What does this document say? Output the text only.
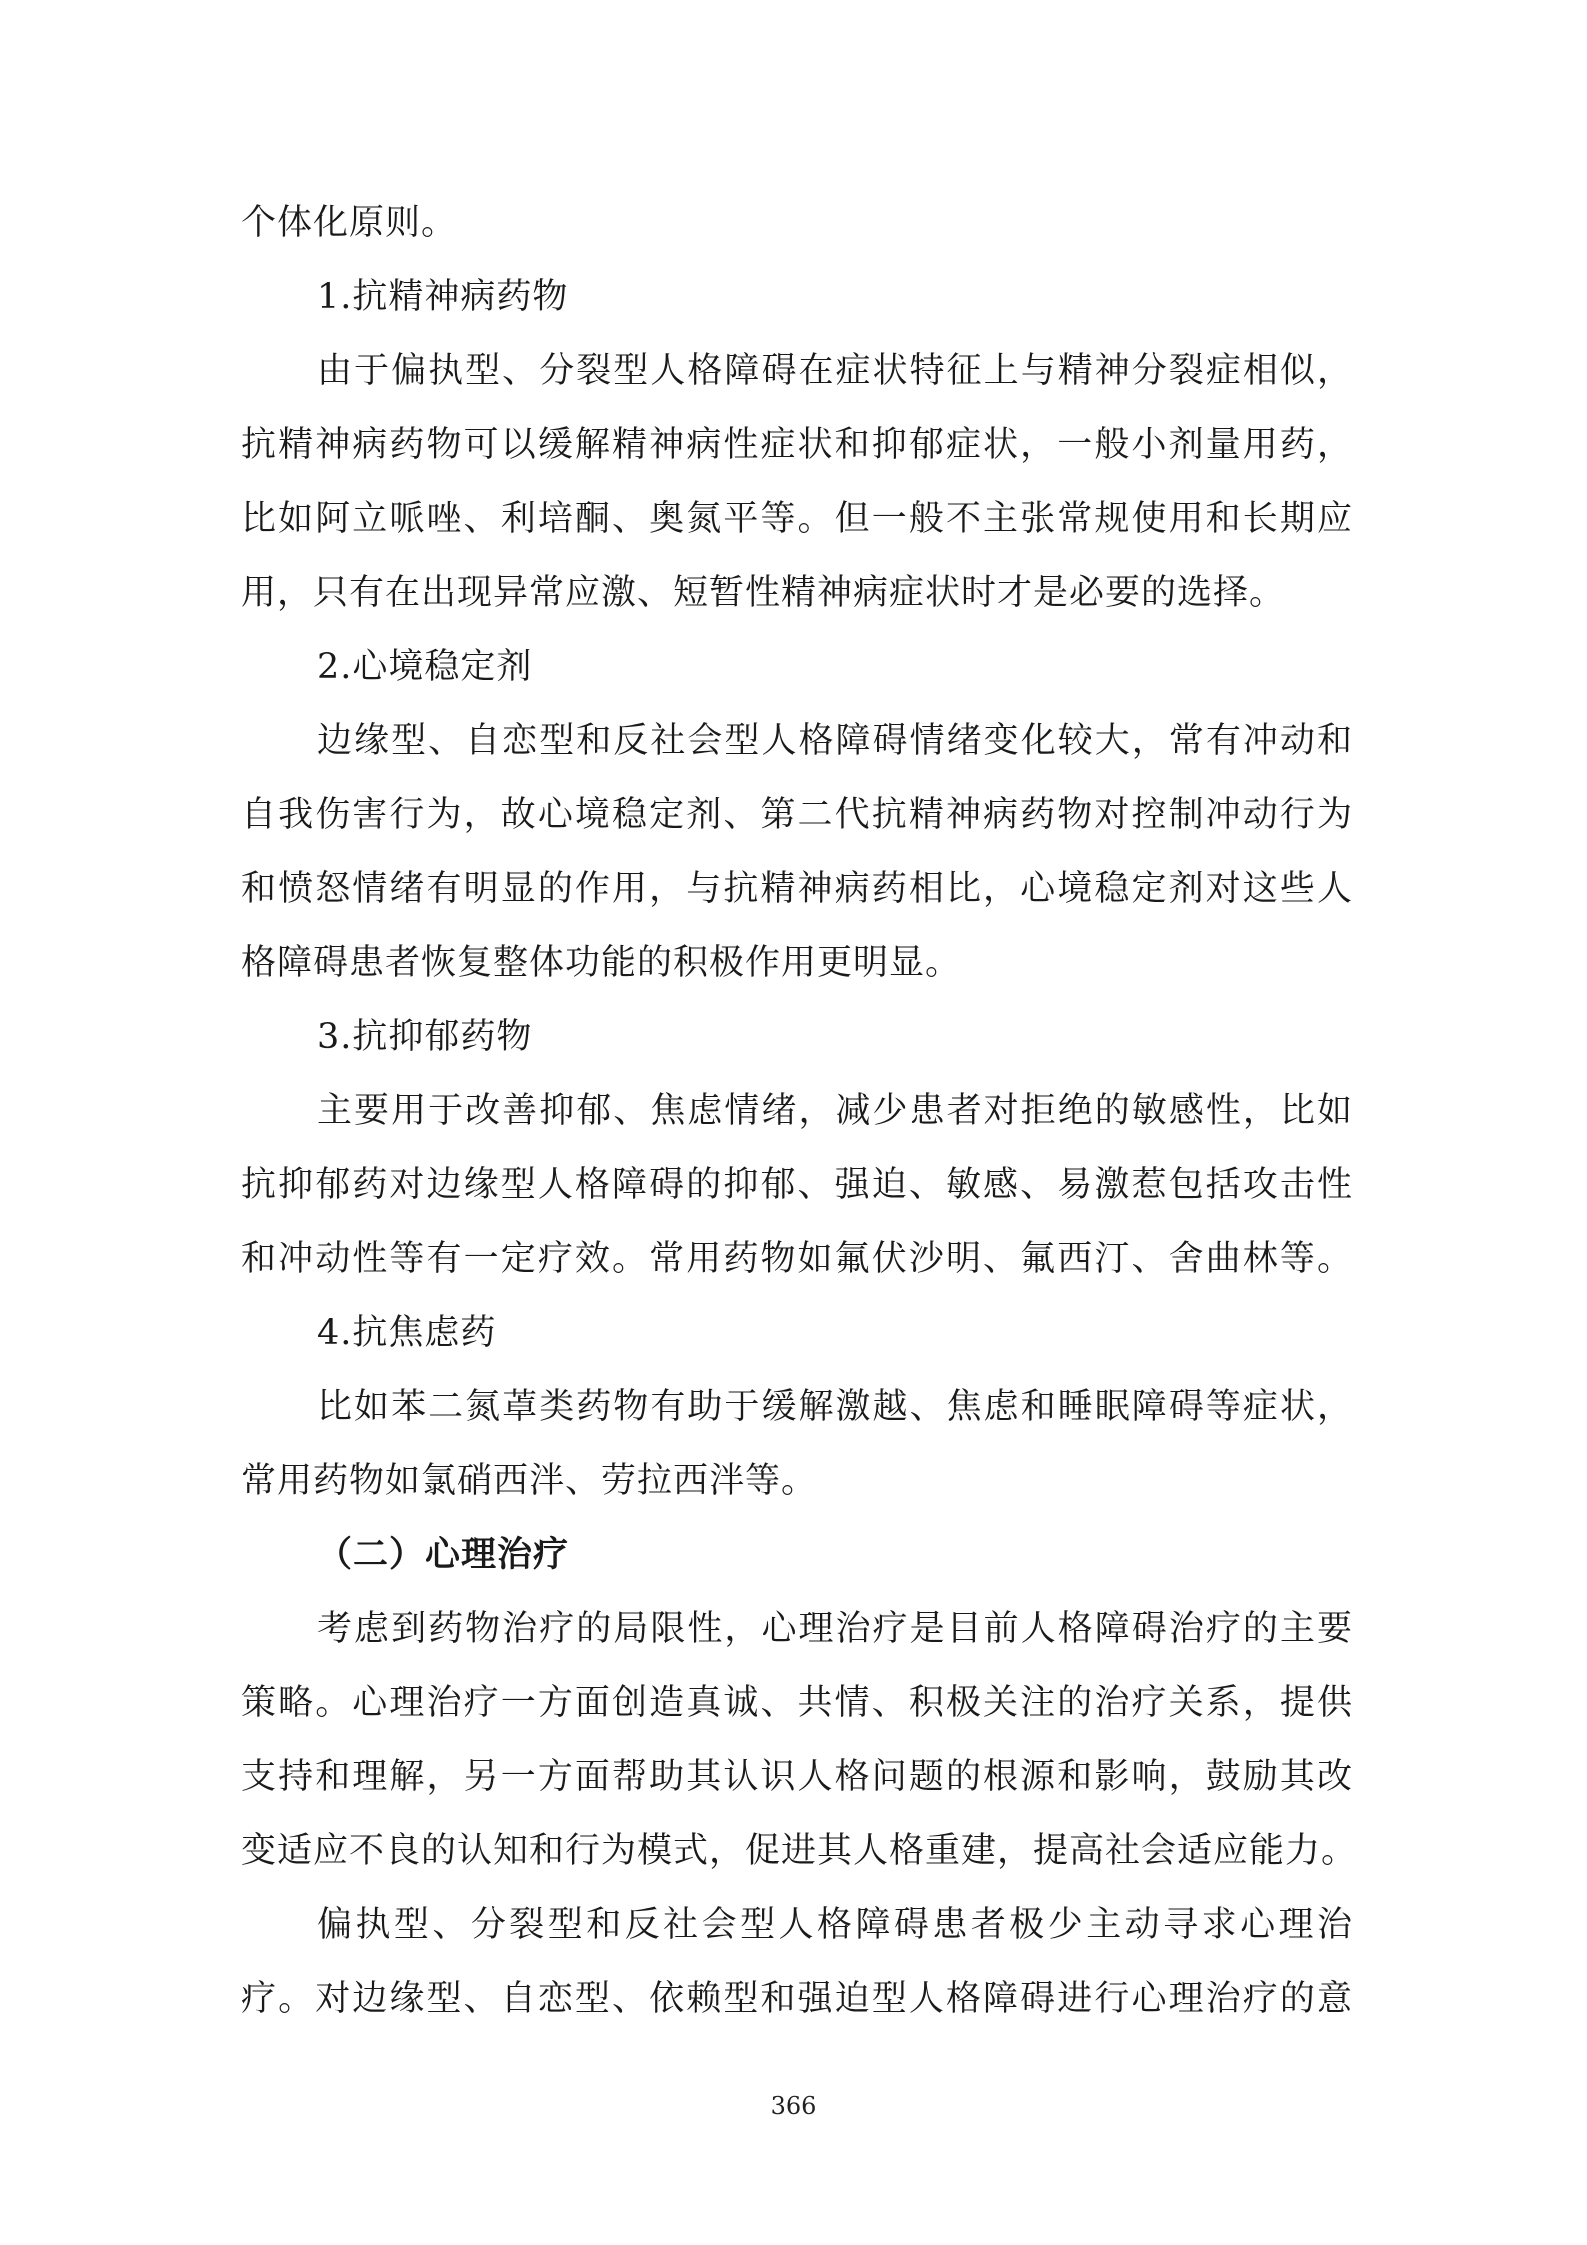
个体化原则。
1.抗精神病药物
由于偏执型、分裂型人格障碍在症状特征上与精神分裂症相似，
抗精神病药物可以缓解精神病性症状和抑郁症状，一般小剂量用药，
比如阿立哌唑、利培酮、奥氮平等。但一般不主张常规使用和长期应
用，只有在出现异常应激、短暂性精神病症状时才是必要的选择。
2.心境稳定剂
边缘型、自恋型和反社会型人格障碍情绪变化较大，常有冲动和
自我伤害行为，故心境稳定剂、第二代抗精神病药物对控制冲动行为
和愤怒情绪有明显的作用，与抗精神病药相比，心境稳定剂对这些人
格障碍患者恢复整体功能的积极作用更明显。
3.抗抑郁药物
主要用于改善抑郁、焦虑情绪，减少患者对拒绝的敏感性，比如
抗抑郁药对边缘型人格障碍的抑郁、强迫、敏感、易激惹包括攻击性
和冲动性等有一定疗效。常用药物如氟伏沙明、氟西汀、舍曲林等。
4.抗焦虑药
比如苯二氮䓬类药物有助于缓解激越、焦虑和睡眠障碍等症状，
常用药物如氯硝西泮、劳拉西泮等。
（二）心理治疗
考虑到药物治疗的局限性，心理治疗是目前人格障碍治疗的主要
策略。心理治疗一方面创造真诚、共情、积极关注的治疗关系，提供
支持和理解，另一方面帮助其认识人格问题的根源和影响，鼓励其改
变适应不良的认知和行为模式，促进其人格重建，提高社会适应能力。
偏执型、分裂型和反社会型人格障碍患者极少主动寻求心理治
疗。对边缘型、自恋型、依赖型和强迫型人格障碍进行心理治疗的意
366
